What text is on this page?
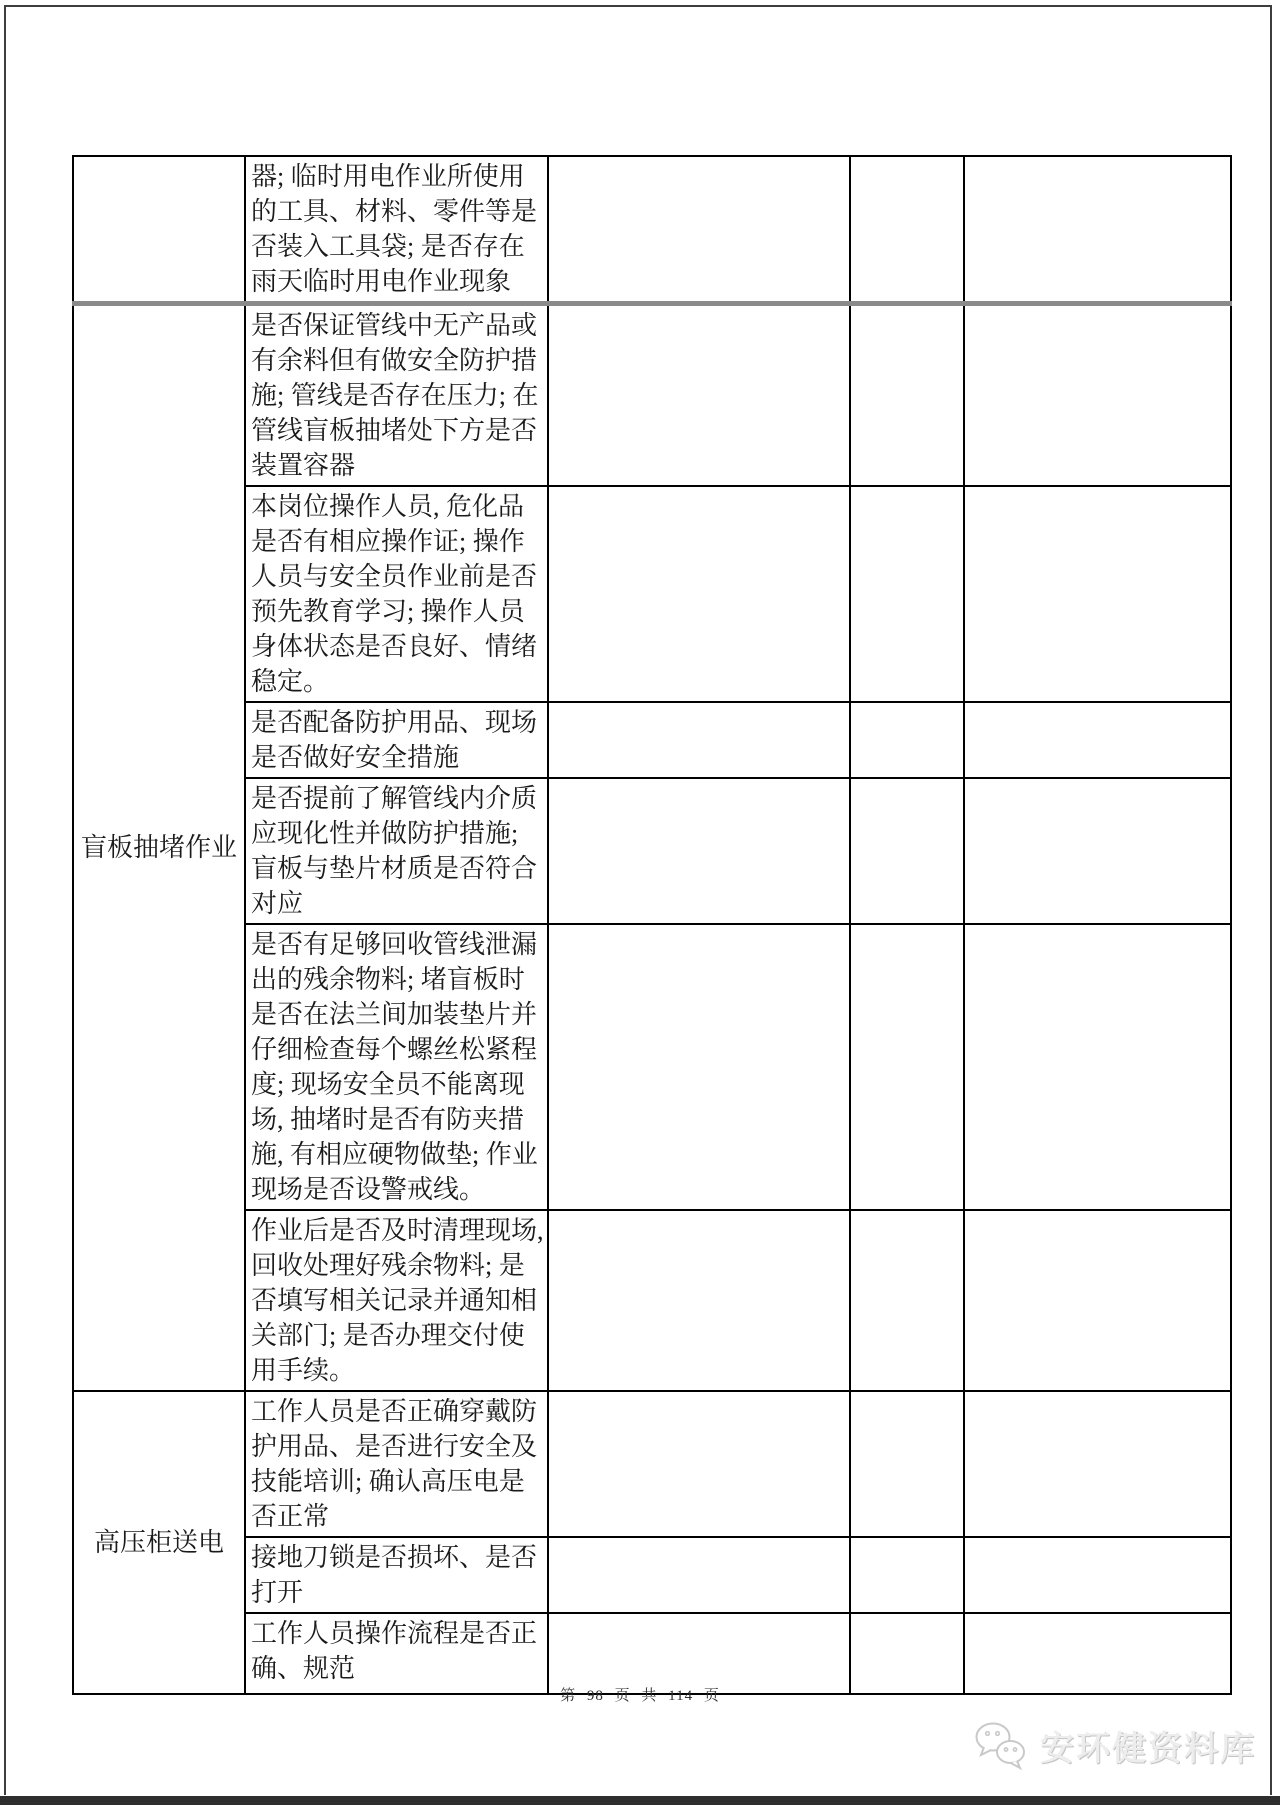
	器; 临时用电作业所使用的工具、材料、零件等是否装入工具袋; 是否存在雨天临时用电作业现象			
盲板抽堵作业	是否保证管线中无产品或有余料但有做安全防护措施; 管线是否存在压力; 在管线盲板抽堵处下方是否装置容器			
	本岗位操作人员, 危化品是否有相应操作证; 操作人员与安全员作业前是否预先教育学习; 操作人员身体状态是否良好、情绪稳定。			
	是否配备防护用品、现场是否做好安全措施			
	是否提前了解管线内介质应现化性并做防护措施; 盲板与垫片材质是否符合对应			
	是否有足够回收管线泄漏出的残余物料; 堵盲板时是否在法兰间加装垫片并仔细检查每个螺丝松紧程度; 现场安全员不能离现场, 抽堵时是否有防夹措施, 有相应硬物做垫; 作业现场是否设警戒线。			
	作业后是否及时清理现场, 回收处理好残余物料; 是否填写相关记录并通知相关部门; 是否办理交付使用手续。			
高压柜送电	工作人员是否正确穿戴防护用品、是否进行安全及技能培训; 确认高压电是否正常			
	接地刀锁是否损坏、是否打开			
	工作人员操作流程是否正确、规范			
第 98 页 共 114 页
安环健资料库
